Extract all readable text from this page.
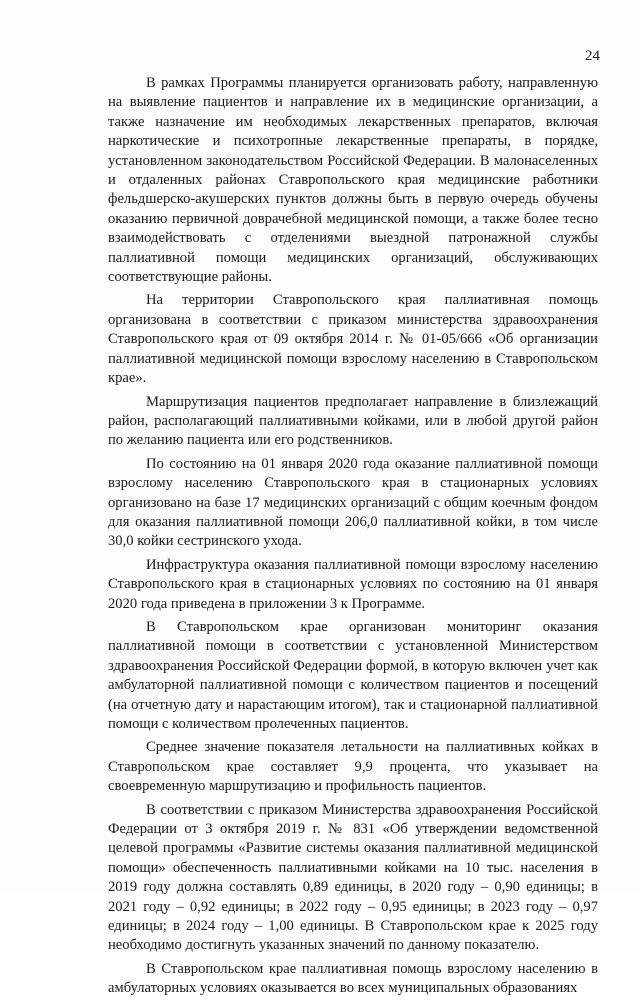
24

В рамках Программы планируется организовать работу, направленную на выявление пациентов и направление их в медицинские организации, а также назначение им необходимых лекарственных препаратов, включая наркотические и психотропные лекарственные препараты, в порядке, установленном законодательством Российской Федерации. В малонаселенных и отдаленных районах Ставропольского края медицинские работники фельдшерско-акушерских пунктов должны быть в первую очередь обучены оказанию первичной доврачебной медицинской помощи, а также более тесно взаимодействовать с отделениями выездной патронажной службы паллиативной помощи медицинских организаций, обслуживающих соответствующие районы.

На территории Ставропольского края паллиативная помощь организована в соответствии с приказом министерства здравоохранения Ставропольского края от 09 октября 2014 г. № 01-05/666 «Об организации паллиативной медицинской помощи взрослому населению в Ставропольском крае».

Маршрутизация пациентов предполагает направление в близлежащий район, располагающий паллиативными койками, или в любой другой район по желанию пациента или его родственников.

По состоянию на 01 января 2020 года оказание паллиативной помощи взрослому населению Ставропольского края в стационарных условиях организовано на базе 17 медицинских организаций с общим коечным фондом для оказания паллиативной помощи 206,0 паллиативной койки, в том числе 30,0 койки сестринского ухода.

Инфраструктура оказания паллиативной помощи взрослому населению Ставропольского края в стационарных условиях по состоянию на 01 января 2020 года приведена в приложении 3 к Программе.

В Ставропольском крае организован мониторинг оказания паллиативной помощи в соответствии с установленной Министерством здравоохранения Российской Федерации формой, в которую включен учет как амбулаторной паллиативной помощи с количеством пациентов и посещений (на отчетную дату и нарастающим итогом), так и стационарной паллиативной помощи с количеством пролеченных пациентов.

Среднее значение показателя летальности на паллиативных койках в Ставропольском крае составляет 9,9 процента, что указывает на своевременную маршрутизацию и профильность пациентов.

В соответствии с приказом Министерства здравоохранения Российской Федерации от 3 октября 2019 г. № 831 «Об утверждении ведомственной целевой программы «Развитие системы оказания паллиативной медицинской помощи» обеспеченность паллиативными койками на 10 тыс. населения в 2019 году должна составлять 0,89 единицы, в 2020 году – 0,90 единицы; в 2021 году – 0,92 единицы; в 2022 году – 0,95 единицы; в 2023 году – 0,97 единицы; в 2024 году – 1,00 единицы. В Ставропольском крае к 2025 году необходимо достигнуть указанных значений по данному показателю.

В Ставропольском крае паллиативная помощь взрослому населению в амбулаторных условиях оказывается во всех муниципальных образованиях
